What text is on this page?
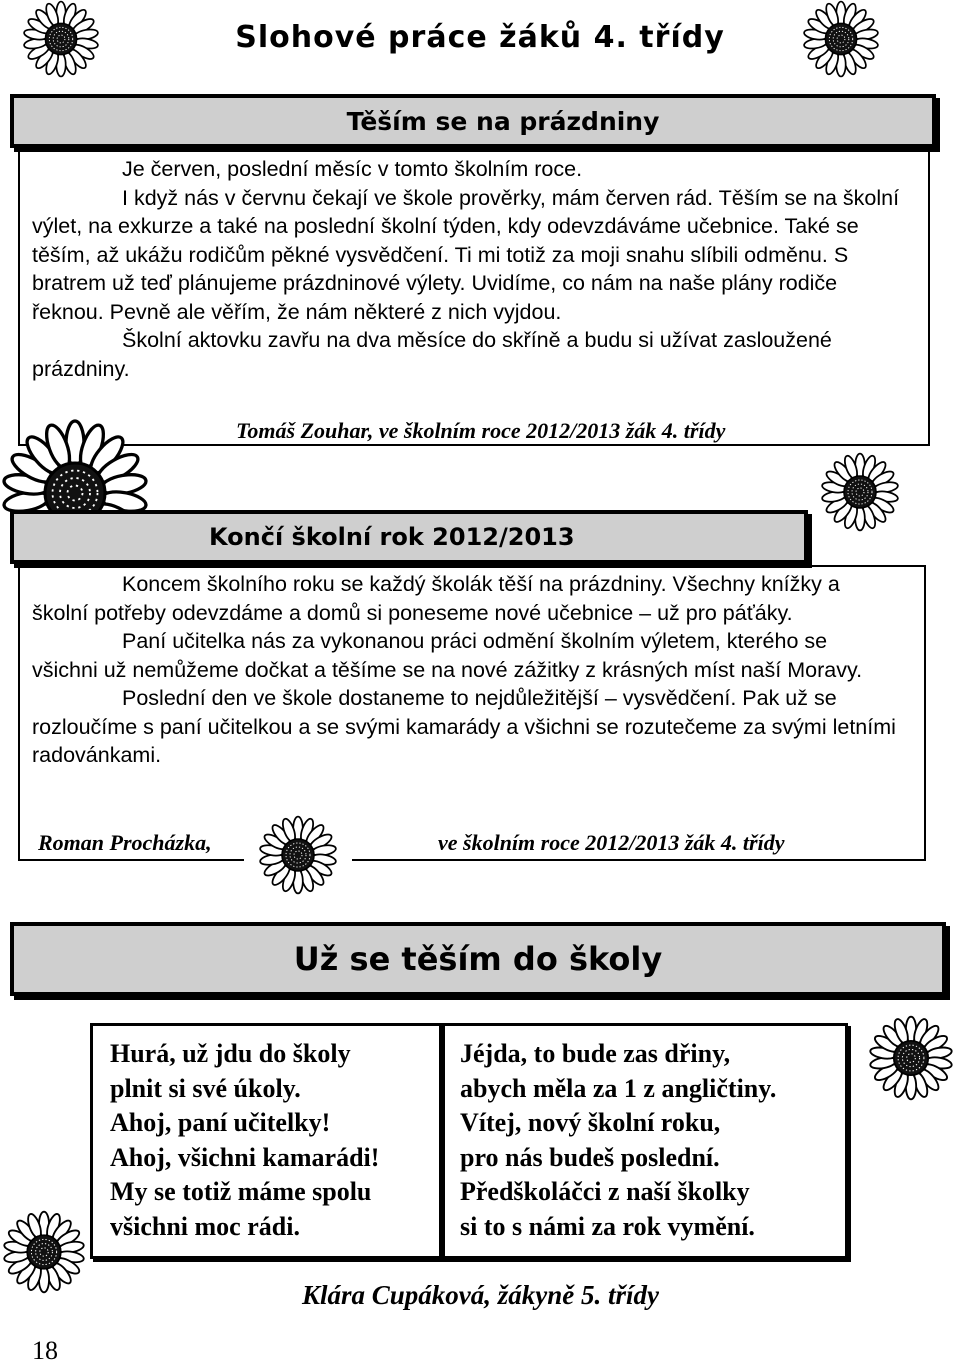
Slohové práce žáků 4. třídy
Těším se na prázdniny

Je červen, poslední měsíc v tomto školním roce.

I když nás v červnu čekají ve škole prověrky, mám červen rád. Těším se na školní výlet, na exkurze a také na poslední školní týden, kdy odevzdáváme učebnice. Také se těším, až ukážu rodičům pěkné vysvědčení. Ti mi totiž za moji snahu slíbili odměnu. S bratrem už teď plánujeme prázdninové výlety. Uvidíme, co nám na naše plány rodiče řeknou. Pevně ale věřím, že nám některé z nich vyjdou.

Školní aktovku zavřu na dva měsíce do skříně a budu si užívat zasloužené prázdniny.

Tomáš Zouhar, ve školním roce 2012/2013 žák 4. třídy
Končí školní rok 2012/2013

Koncem školního roku se každý školák těší na prázdniny. Všechny knížky a školní potřeby odevzdáme a domů si poneseme nové učebnice – už pro páťáky.

Paní učitelka nás za vykonanou práci odmění školním výletem, kterého se všichni už nemůžeme dočkat a těšíme se na nové zážitky z krásných míst naší Moravy.

Poslední den ve škole dostaneme to nejdůležitější – vysvědčení. Pak už se rozloučíme s paní učitelkou a se svými kamarády a všichni se rozutečeme za svými letními radovánkami.

Roman Procházka,	ve školním roce 2012/2013 žák 4. třídy
Už se těším do školy
Hurá, už jdu do školy
plnit si své úkoly.
Ahoj, paní učitelky!
Ahoj, všichni kamarádi!
My se totiž máme spolu
všichni moc rádi.
Jéjda, to bude zas dřiny,
abych měla za 1 z angličtiny.
Vítej, nový školní roku,
pro nás budeš poslední.
Předškoláčci z naší školky
si to s námi za rok vymění.
Klára Cupáková, žákyně 5. třídy
18
